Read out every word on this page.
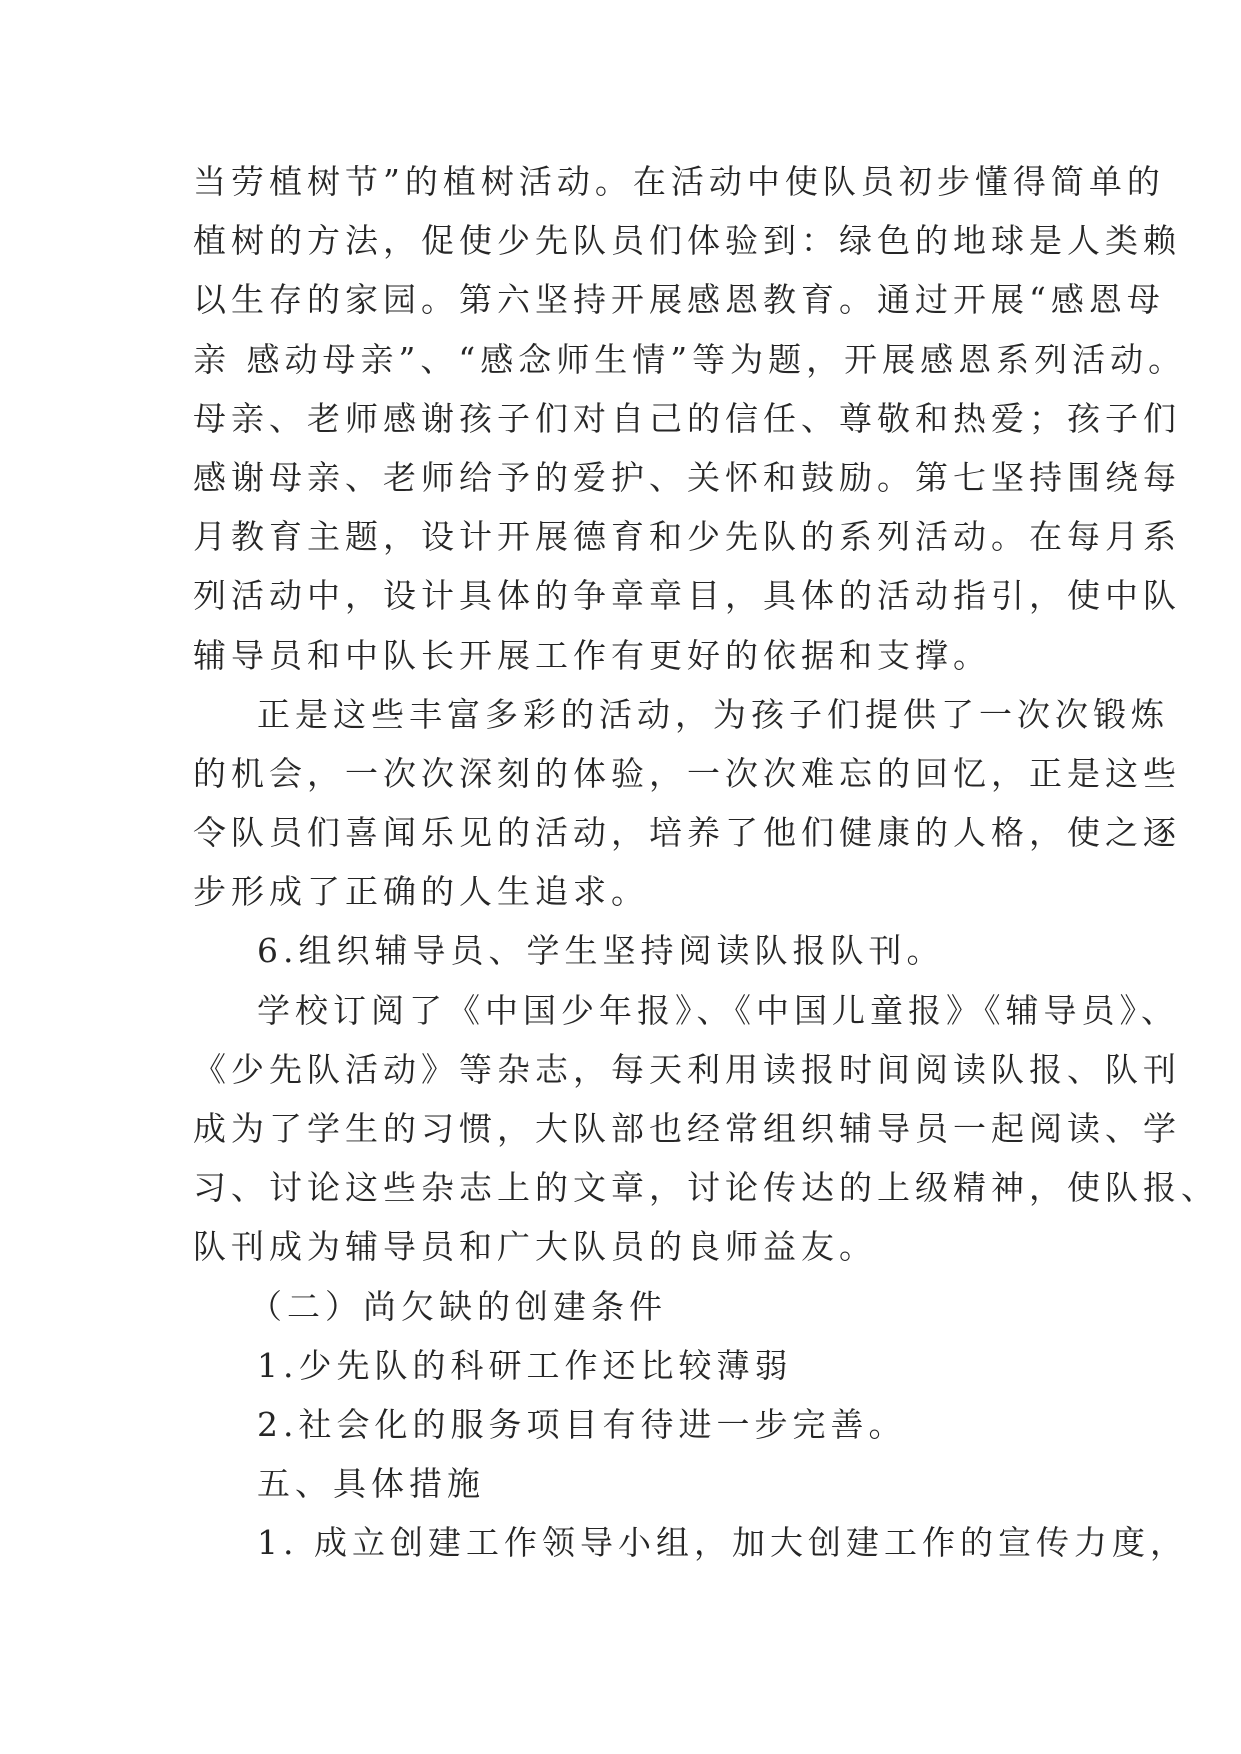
当劳植树节”的植树活动。在活动中使队员初步懂得简单的
植树的方法，促使少先队员们体验到：绿色的地球是人类赖
以生存的家园。第六坚持开展感恩教育。通过开展“感恩母
亲 感动母亲”、“感念师生情”等为题，开展感恩系列活动。
母亲、老师感谢孩子们对自己的信任、尊敬和热爱；孩子们
感谢母亲、老师给予的爱护、关怀和鼓励。第七坚持围绕每
月教育主题，设计开展德育和少先队的系列活动。在每月系
列活动中，设计具体的争章章目，具体的活动指引，使中队
辅导员和中队长开展工作有更好的依据和支撑。
正是这些丰富多彩的活动，为孩子们提供了一次次锻炼
的机会，一次次深刻的体验，一次次难忘的回忆，正是这些
令队员们喜闻乐见的活动，培养了他们健康的人格，使之逐
步形成了正确的人生追求。
6.组织辅导员、学生坚持阅读队报队刊。
学校订阅了《中国少年报》、《中国儿童报》《辅导员》、
《少先队活动》等杂志，每天利用读报时间阅读队报、队刊
成为了学生的习惯，大队部也经常组织辅导员一起阅读、学
习、讨论这些杂志上的文章，讨论传达的上级精神，使队报、
队刊成为辅导员和广大队员的良师益友。
（二）尚欠缺的创建条件
1.少先队的科研工作还比较薄弱
2.社会化的服务项目有待进一步完善。
五、具体措施
1. 成立创建工作领导小组，加大创建工作的宣传力度，
